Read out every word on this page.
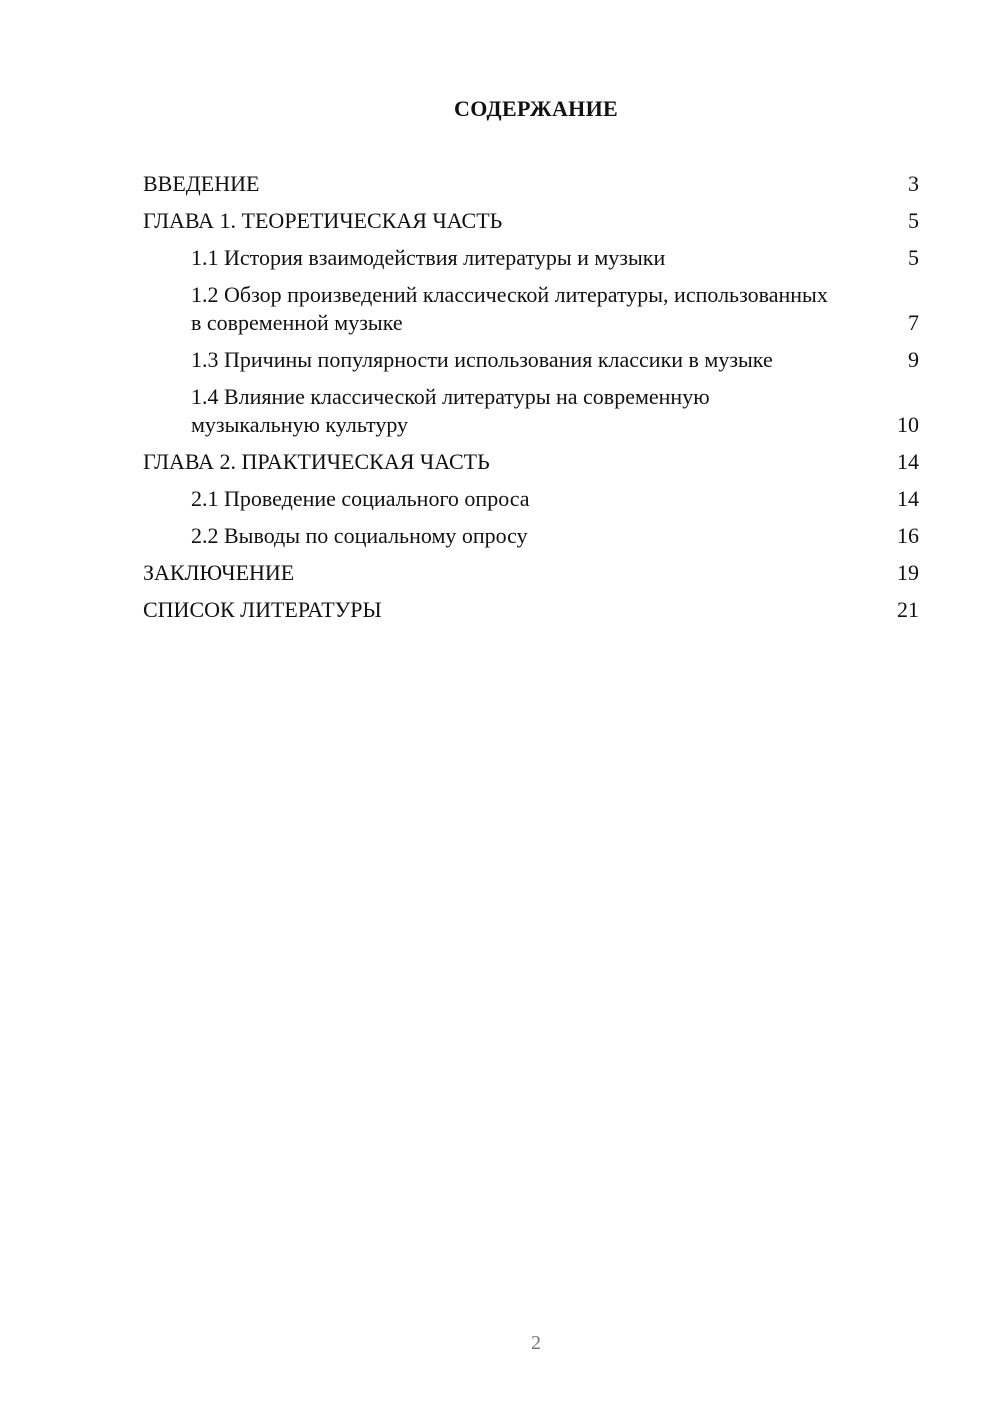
СОДЕРЖАНИЕ
ВВЕДЕНИЕ	3
ГЛАВА 1. ТЕОРЕТИЧЕСКАЯ ЧАСТЬ	5
1.1 История взаимодействия литературы и музыки	5
1.2 Обзор произведений классической литературы, использованных в современной музыке	7
1.3 Причины популярности использования классики в музыке	9
1.4 Влияние классической литературы на современную музыкальную культуру	10
ГЛАВА 2. ПРАКТИЧЕСКАЯ ЧАСТЬ	14
2.1 Проведение социального опроса	14
2.2 Выводы по социальному опросу	16
ЗАКЛЮЧЕНИЕ	19
СПИСОК ЛИТЕРАТУРЫ	21
2
